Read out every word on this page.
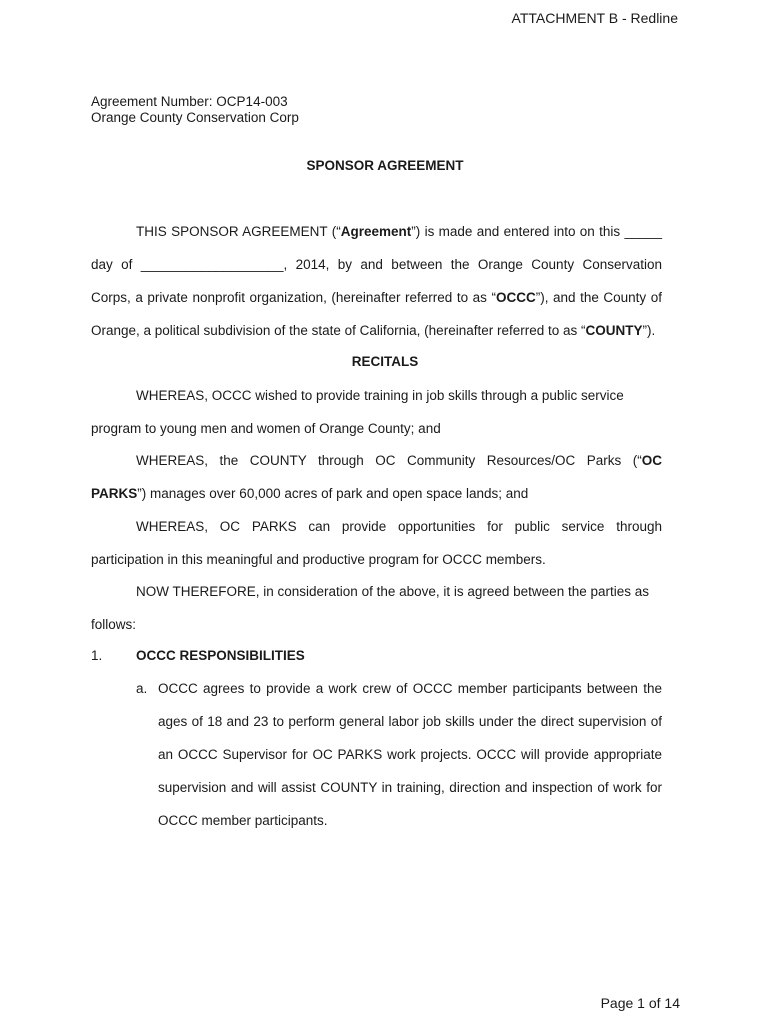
ATTACHMENT B - Redline
Agreement Number: OCP14-003
Orange County Conservation Corp
SPONSOR AGREEMENT
THIS SPONSOR AGREEMENT (“Agreement”) is made and entered into on this _____
day of ___________________, 2014, by and between the Orange County Conservation
Corps, a private nonprofit organization, (hereinafter referred to as “OCCC”), and the County of
Orange, a political subdivision of the state of California, (hereinafter referred to as “COUNTY”).
RECITALS
WHEREAS, OCCC wished to provide training in job skills through a public service
program to young men and women of Orange County; and
WHEREAS, the COUNTY through OC Community Resources/OC Parks (“OC
PARKS”) manages over 60,000 acres of park and open space lands; and
WHEREAS, OC PARKS can provide opportunities for public service through
participation in this meaningful and productive program for OCCC members.
NOW THEREFORE, in consideration of the above, it is agreed between the parties as
follows:
1. OCCC RESPONSIBILITIES
a. OCCC agrees to provide a work crew of OCCC member participants between the
ages of 18 and 23 to perform general labor job skills under the direct supervision of
an OCCC Supervisor for OC PARKS work projects. OCCC will provide appropriate
supervision and will assist COUNTY in training, direction and inspection of work for
OCCC member participants.
Page 1 of 14
